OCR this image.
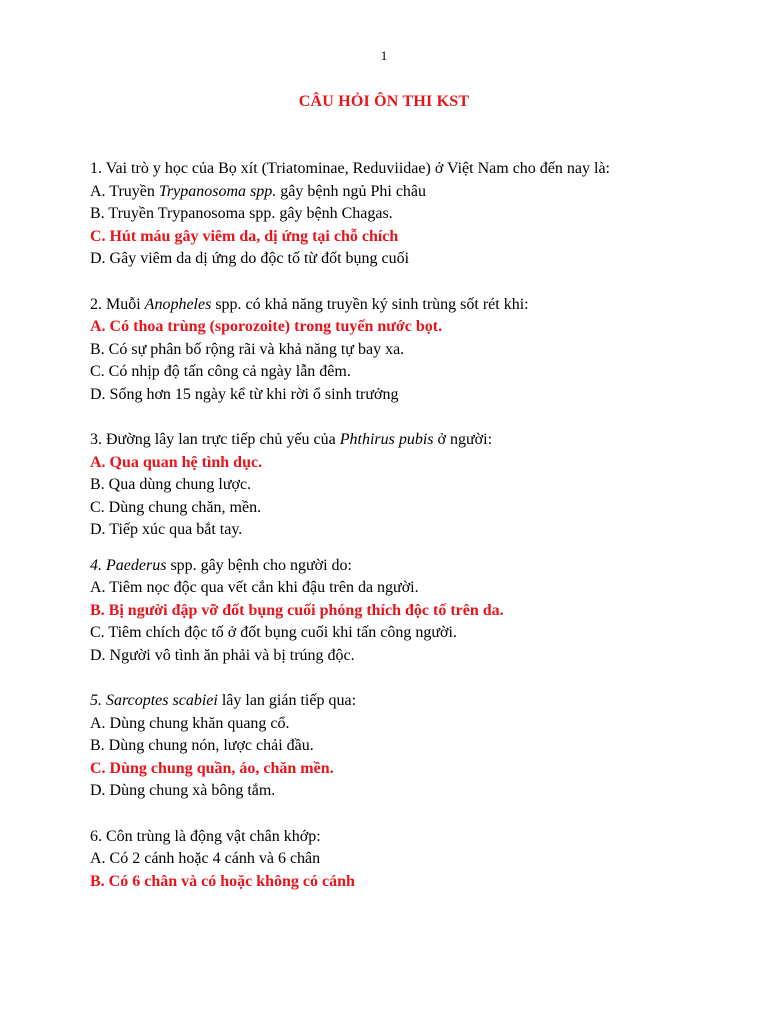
1
CÂU HỎI ÔN THI KST
1. Vai trò y học của Bọ xít (Triatominae, Reduviidae) ở Việt Nam cho đến nay là:
A. Truyền Trypanosoma spp. gây bệnh ngủ Phi châu
B. Truyền Trypanosoma spp. gây bệnh Chagas.
C. Hút máu gây viêm da, dị ứng tại chỗ chích
D. Gây viêm da dị ứng do độc tố từ đốt bụng cuối
2. Muỗi Anopheles spp. có khả năng truyền ký sinh trùng sốt rét khi:
A. Có thoa trùng (sporozoite) trong tuyến nước bọt.
B. Có sự phân bố rộng rãi và khả năng tự bay xa.
C. Có nhịp độ tấn công cả ngày lẫn đêm.
D. Sống hơn 15 ngày kể từ khi rời ổ sinh trưởng
3. Đường lây lan trực tiếp chủ yếu của Phthirus pubis ở người:
A. Qua quan hệ tình dục.
B. Qua dùng chung lược.
C. Dùng chung chăn, mền.
D. Tiếp xúc qua bắt tay.
4. Paederus spp. gây bệnh cho người do:
A. Tiêm nọc độc qua vết cắn khi đậu trên da người.
B. Bị người đập vỡ đốt bụng cuối phóng thích độc tố trên da.
C. Tiêm chích độc tố ở đốt bụng cuối khi tấn công người.
D. Người vô tình ăn phải và bị trúng độc.
5. Sarcoptes scabiei lây lan gián tiếp qua:
A. Dùng chung khăn quang cổ.
B. Dùng chung nón, lược chải đầu.
C. Dùng chung quần, áo, chăn mền.
D. Dùng chung xà bông tắm.
6. Côn trùng là động vật chân khớp:
A. Có 2 cánh hoặc 4 cánh và 6 chân
B. Có 6 chân và có hoặc không có cánh
